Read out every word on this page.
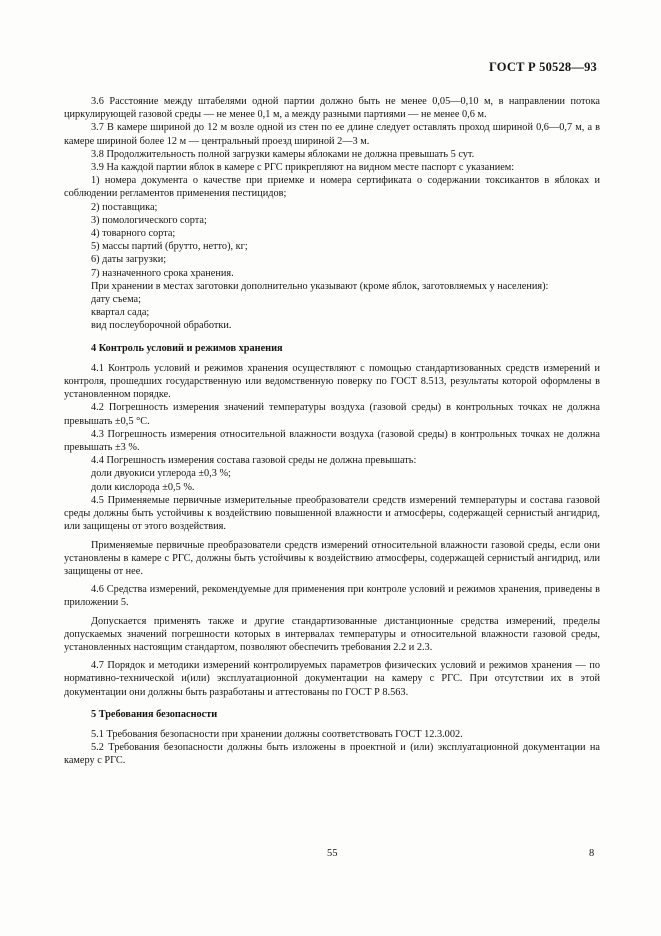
ГОСТ Р 50528—93

3.6 Расстояние между штабелями одной партии должно быть не менее 0,05—0,10 м, в направлении потока циркулирующей газовой среды — не менее 0,1 м, а между разными партиями — не менее 0,6 м.

3.7 В камере шириной до 12 м возле одной из стен по ее длине следует оставлять проход шириной 0,6—0,7 м, а в камере шириной более 12 м — центральный проезд шириной 2—3 м.

3.8 Продолжительность полной загрузки камеры яблоками не должна превышать 5 сут.

3.9 На каждой партии яблок в камере с РГС прикрепляют на видном месте паспорт с указанием:

1) номера документа о качестве при приемке и номера сертификата о содержании токсикантов в яблоках и соблюдении регламентов применения пестицидов;

2) поставщика;

3) помологического сорта;

4) товарного сорта;

5) массы партий (брутто, нетто), кг;

6) даты загрузки;

7) назначенного срока хранения.

При хранении в местах заготовки дополнительно указывают (кроме яблок, заготовляемых у населения):

дату съема;

квартал сада;

вид послеуборочной обработки.

4 Контроль условий и режимов хранения

4.1 Контроль условий и режимов хранения осуществляют с помощью стандартизованных средств измерений и контроля, прошедших государственную или ведомственную поверку по ГОСТ 8.513, результаты которой оформлены в установленном порядке.

4.2 Погрешность измерения значений температуры воздуха (газовой среды) в контрольных точках не должна превышать ±0,5 °С.

4.3 Погрешность измерения относительной влажности воздуха (газовой среды) в контрольных точках не должна превышать ±3 %.

4.4 Погрешность измерения состава газовой среды не должна превышать:

доли двуокиси углерода ±0,3 %;

доли кислорода ±0,5 %.

4.5 Применяемые первичные измерительные преобразователи средств измерений температуры и состава газовой среды должны быть устойчивы к воздействию повышенной влажности и атмосферы, содержащей сернистый ангидрид, или защищены от этого воздействия.

Применяемые первичные преобразователи средств измерений относительной влажности газовой среды, если они установлены в камере с РГС, должны быть устойчивы к воздействию атмосферы, содержащей сернистый ангидрид, или защищены от нее.

4.6 Средства измерений, рекомендуемые для применения при контроле условий и режимов хранения, приведены в приложении 5.

Допускается применять также и другие стандартизованные дистанционные средства измерений, пределы допускаемых значений погрешности которых в интервалах температуры и относительной влажности газовой среды, установленных настоящим стандартом, позволяют обеспечить требования 2.2 и 2.3.

4.7 Порядок и методики измерений контролируемых параметров физических условий и режимов хранения — по нормативно-технической и(или) эксплуатационной документации на камеру с РГС. При отсутствии их в этой документации они должны быть разработаны и аттестованы по ГОСТ Р 8.563.

5 Требования безопасности

5.1 Требования безопасности при хранении должны соответствовать ГОСТ 12.3.002.

5.2 Требования безопасности должны быть изложены в проектной и (или) эксплуатационной документации на камеру с РГС.

55	8
